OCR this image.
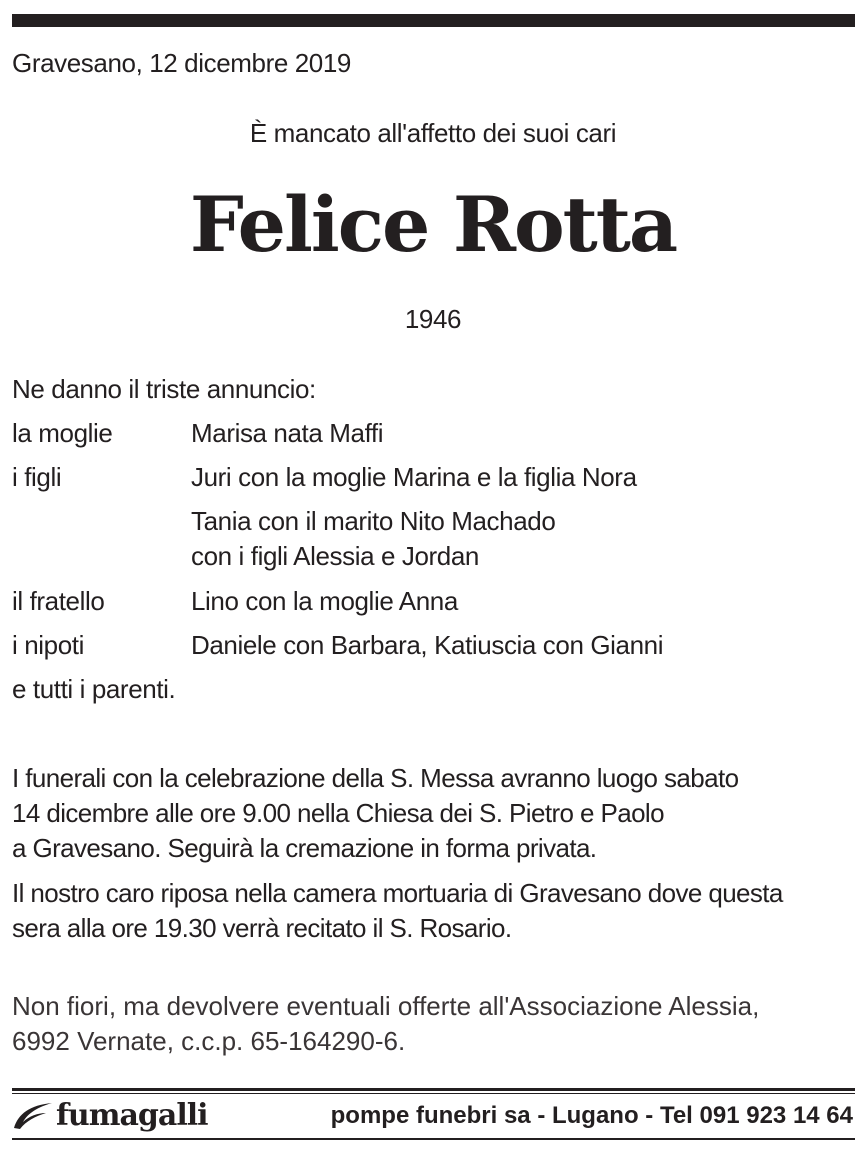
Gravesano, 12 dicembre 2019
È mancato all'affetto dei suoi cari
Felice Rotta
1946
Ne danno il triste annuncio:
la moglie	Marisa nata Maffi
i figli	Juri con la moglie Marina e la figlia Nora
Tania con il marito Nito Machado
con i figli Alessia e Jordan
il fratello	Lino con la moglie Anna
i nipoti	Daniele con Barbara, Katiuscia con Gianni
e tutti i parenti.
I funerali con la celebrazione della S. Messa avranno luogo sabato
14 dicembre alle ore 9.00 nella Chiesa dei S. Pietro e Paolo
a Gravesano. Seguirà la cremazione in forma privata.
Il nostro caro riposa nella camera mortuaria di Gravesano dove questa
sera alla ore 19.30 verrà recitato il S. Rosario.
Non fiori, ma devolvere eventuali offerte all'Associazione Alessia,
6992 Vernate, c.c.p. 65-164290-6.
fumagalli	pompe funebri sa - Lugano - Tel 091 923 14 64
